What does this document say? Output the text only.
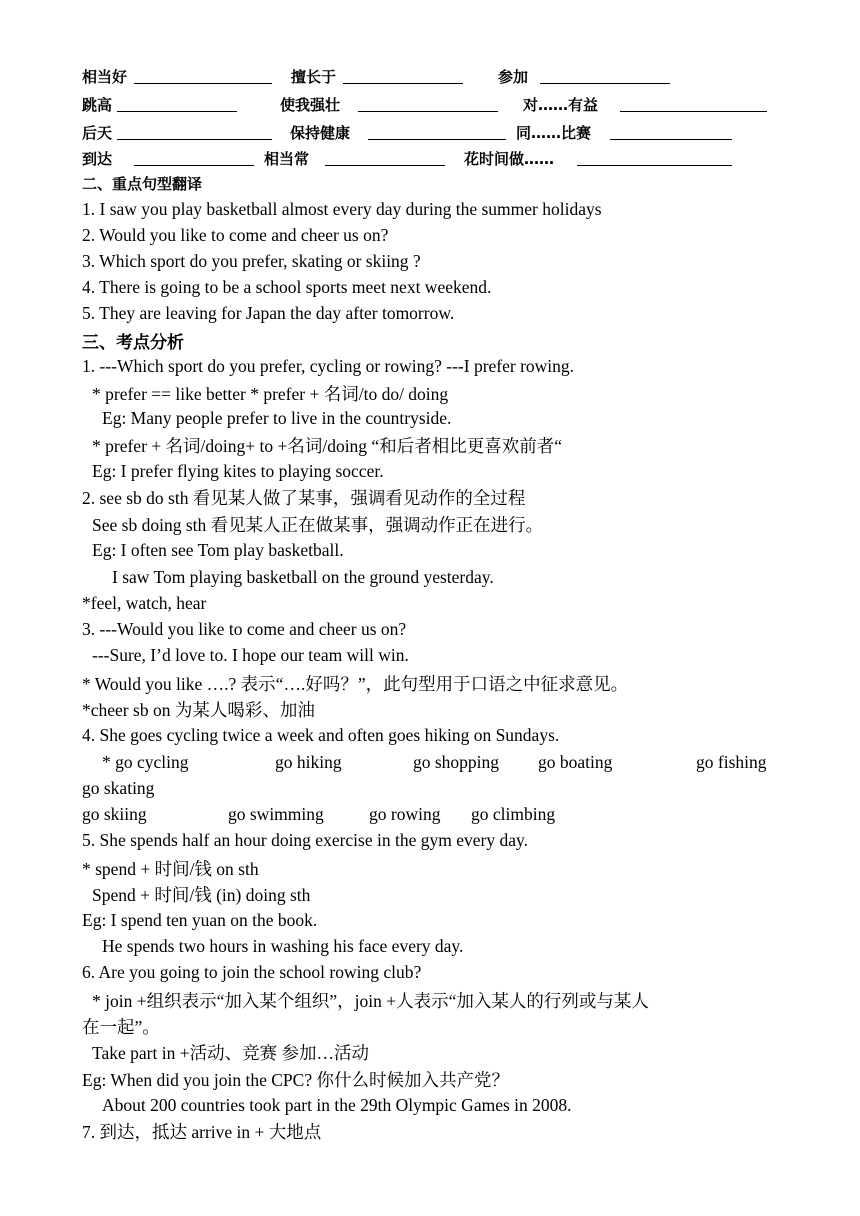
相当好	擅长于	参加
跳高	使我强壮	对……有益
后天	保持健康	同……比赛
到达	相当常	花时间做……
二、重点句型翻译
1. I saw you play basketball almost every day during the summer holidays
2. Would you like to come and cheer us on?
3. Which sport do you prefer, skating or skiing ?
4. There is going to be a school sports meet next weekend.
5. They are leaving for Japan the day after tomorrow.
三、考点分析
1. ---Which sport do you prefer, cycling or rowing? ---I prefer rowing.
* prefer == like better * prefer + 名词/to do/ doing
Eg: Many people prefer to live in the countryside.
* prefer + 名词/doing+ to +名词/doing “和后者相比更喜欢前者“
Eg: I prefer flying kites to playing soccer.
2. see sb do sth 看见某人做了某事，强调看见动作的全过程
See sb doing sth 看见某人正在做某事，强调动作正在进行。
Eg: I often see Tom play basketball.
I saw Tom playing basketball on the ground yesterday.
*feel, watch, hear
3. ---Would you like to come and cheer us on?
---Sure, I’d love to. I hope our team will win.
* Would you like ….? 表示“….好吗？”，此句型用于口语之中征求意见。
*cheer sb on 为某人喝彩、加油
4. She goes cycling twice a week and often goes hiking on Sundays.
* go cycling	go hiking	go shopping go boating	go fishing
go skating
go skiing	go swimming	go rowing go climbing
5. She spends half an hour doing exercise in the gym every day.
* spend + 时间/钱 on sth
Spend + 时间/钱 (in) doing sth
Eg: I spend ten yuan on the book.
He spends two hours in washing his face every day.
6. Are you going to join the school rowing club?
* join +组织表示“加入某个组织”，join +人表示“加入某人的行列或与某人
在一起”。
Take part in +活动、竞赛 参加…活动
Eg: When did you join the CPC? 你什么时候加入共产党？
About 200 countries took part in the 29th Olympic Games in 2008.
7. 到达，抵达 arrive in + 大地点
